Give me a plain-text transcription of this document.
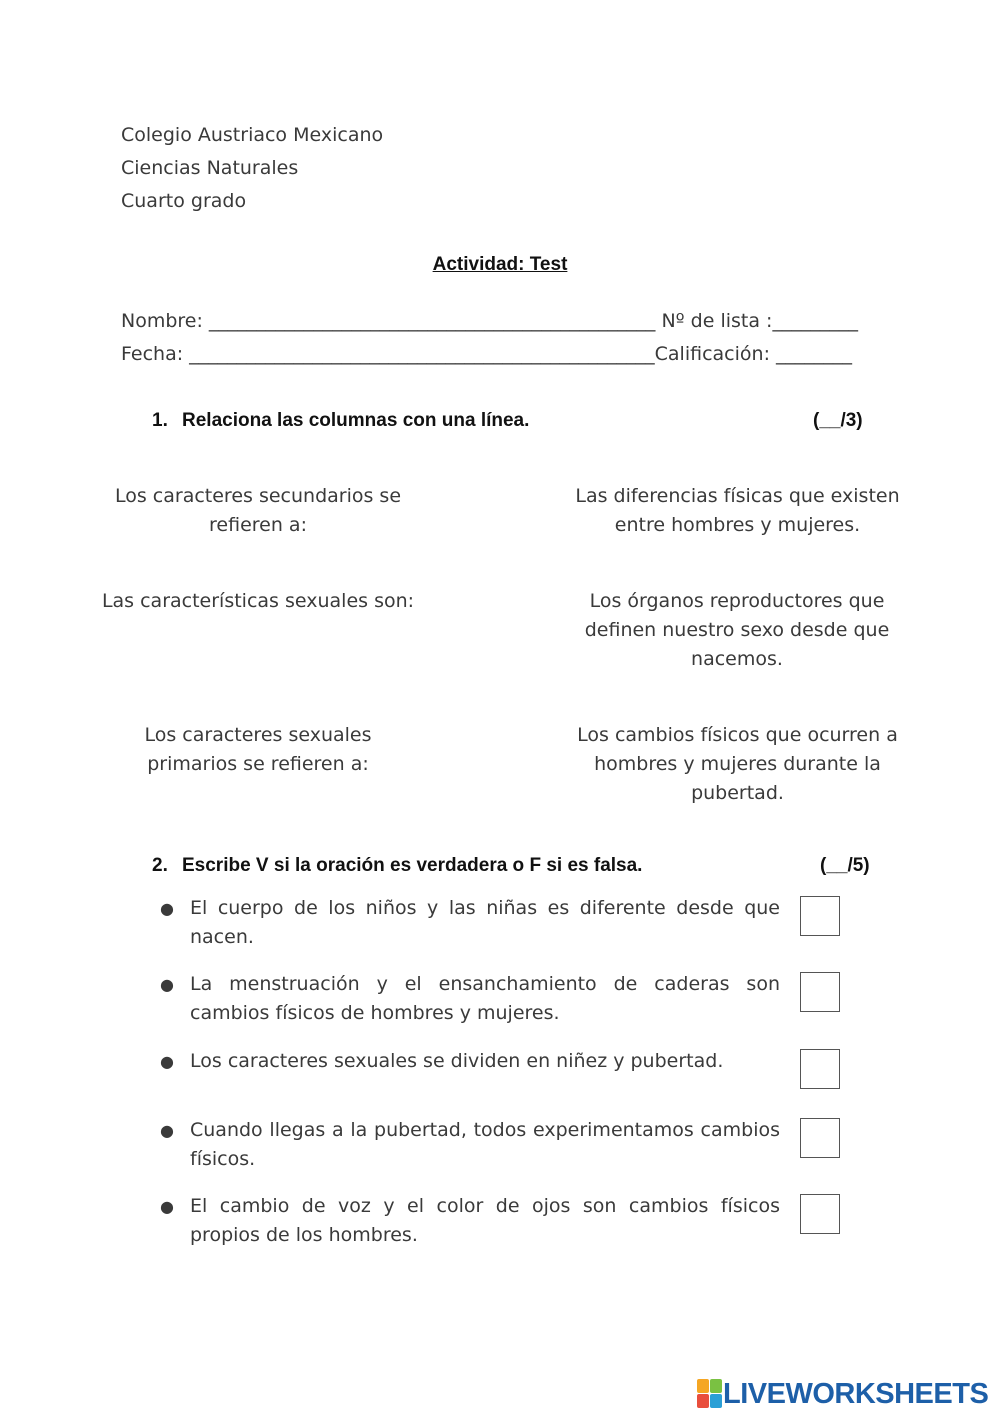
Colegio Austriaco Mexicano
Ciencias Naturales
Cuarto grado
Actividad: Test
Nombre: _______________________________________________ Nº de lista :_________
Fecha: _________________________________________________Calificación: ________
1. Relaciona las columnas con una línea.	(__/3)
Los caracteres secundarios se refieren a:
Las características sexuales son:
Los caracteres sexuales primarios se refieren a:
Las diferencias físicas que existen entre hombres y mujeres.
Los órganos reproductores que definen nuestro sexo desde que nacemos.
Los cambios físicos que ocurren a hombres y mujeres durante la pubertad.
2. Escribe V si la oración es verdadera o F si es falsa.	(__/5)
● El cuerpo de los niños y las niñas es diferente desde que nacen.
● La menstruación y el ensanchamiento de caderas son cambios físicos de hombres y mujeres.
● Los caracteres sexuales se dividen en niñez y pubertad.
● Cuando llegas a la pubertad, todos experimentamos cambios físicos.
● El cambio de voz y el color de ojos son cambios físicos propios de los hombres.
LIVEWORKSHEETS
